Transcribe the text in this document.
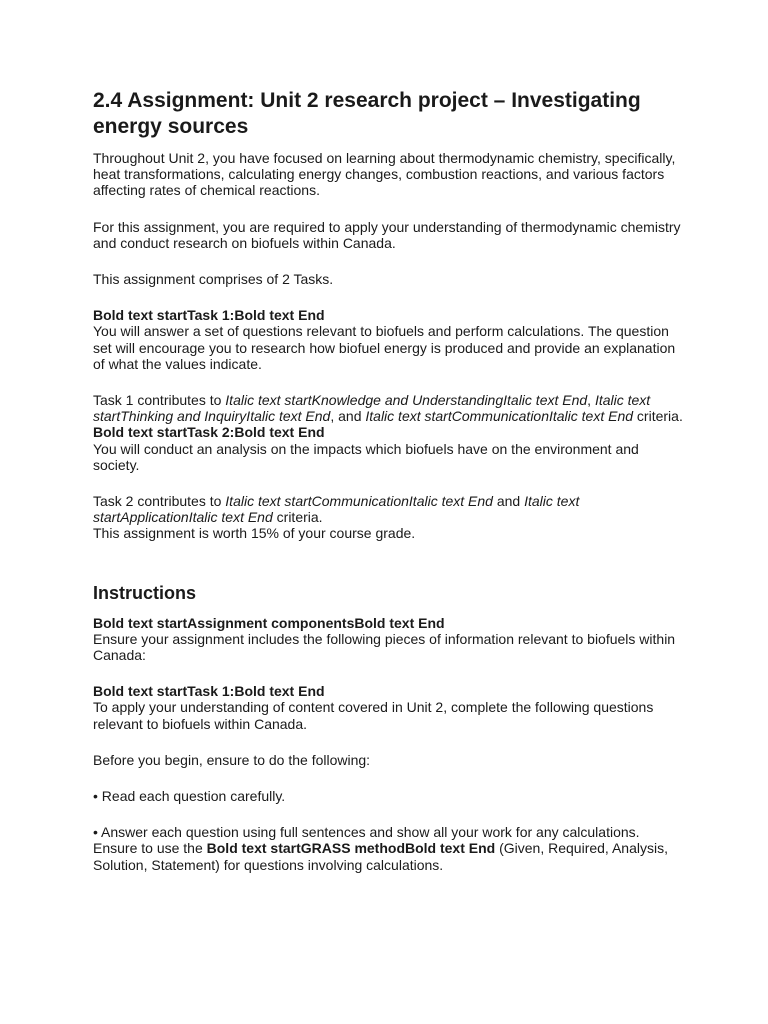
2.4 Assignment: Unit 2 research project – Investigating energy sources

Throughout Unit 2, you have focused on learning about thermodynamic chemistry, specifically, heat transformations, calculating energy changes, combustion reactions, and various factors affecting rates of chemical reactions.

For this assignment, you are required to apply your understanding of thermodynamic chemistry and conduct research on biofuels within Canada.

This assignment comprises of 2 Tasks.

Bold text startTask 1:Bold text End

You will answer a set of questions relevant to biofuels and perform calculations. The question set will encourage you to research how biofuel energy is produced and provide an explanation of what the values indicate.

Task 1 contributes to Italic text startKnowledge and UnderstandingItalic text End, Italic text startThinking and InquiryItalic text End, and Italic text startCommunicationItalic text End criteria.

Bold text startTask 2:Bold text End

You will conduct an analysis on the impacts which biofuels have on the environment and society.

Task 2 contributes to Italic text startCommunicationItalic text End and Italic text startApplicationItalic text End criteria.

This assignment is worth 15% of your course grade.

Instructions

Bold text startAssignment componentsBold text End

Ensure your assignment includes the following pieces of information relevant to biofuels within Canada:

Bold text startTask 1:Bold text End

To apply your understanding of content covered in Unit 2, complete the following questions relevant to biofuels within Canada.

Before you begin, ensure to do the following:

• Read each question carefully.

• Answer each question using full sentences and show all your work for any calculations. Ensure to use the Bold text startGRASS methodBold text End (Given, Required, Analysis, Solution, Statement) for questions involving calculations.
